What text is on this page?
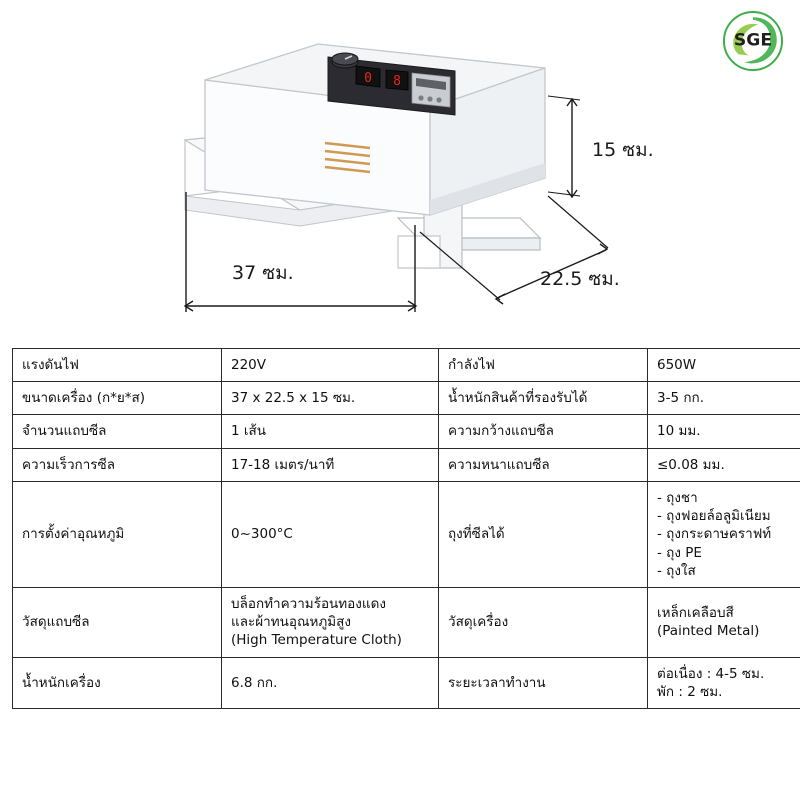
SGE
0 8
15 ซม.
37 ซม.	22.5 ซม.
แรงดันไฟ	220V	กำลังไฟ	650W

ขนาดเครื่อง (ก*ย*ส)	37 x 22.5 x 15 ซม.	น้ำหนักสินค้าที่รองรับได้	3-5 กก.

จำนวนแถบซีล	1 เส้น	ความกว้างแถบซีล	10 มม.

ความเร็วการซีล	17-18 เมตร/นาที	ความหนาแถบซีล	≤0.08 มม.

การตั้งค่าอุณหภูมิ	0~300°C	ถุงที่ซีลได้	- ถุงชา
- ถุงฟอยล์อลูมิเนียม
- ถุงกระดาษคราฟท์
- ถุง PE
- ถุงใส

วัสดุแถบซีล	บล็อกทำความร้อนทองแดง
และผ้าทนอุณหภูมิสูง
(High Temperature Cloth)	วัสดุเครื่อง	เหล็กเคลือบสี
(Painted Metal)

น้ำหนักเครื่อง	6.8 กก.	ระยะเวลาทำงาน	ต่อเนื่อง : 4-5 ซม.
พัก : 2 ซม.
